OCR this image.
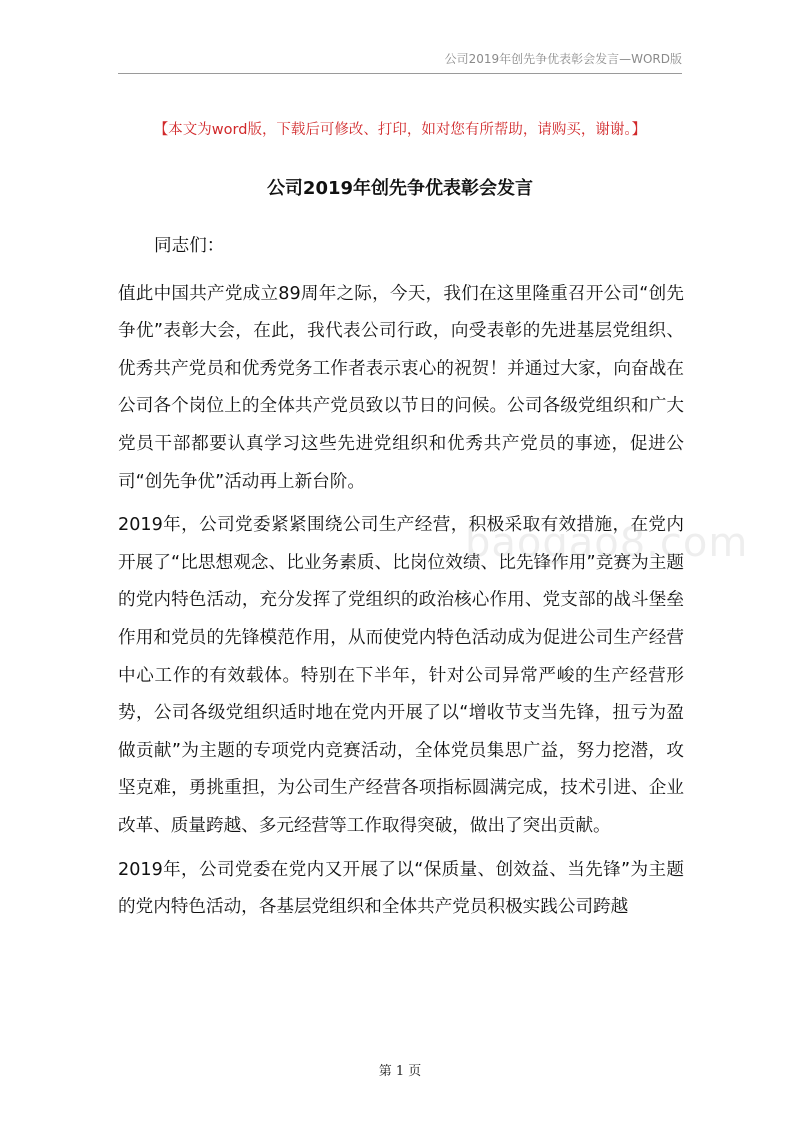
公司2019年创先争优表彰会发言—WORD版
【本文为word版，下载后可修改、打印，如对您有所帮助，请购买，谢谢。】
公司2019年创先争优表彰会发言

同志们：

值此中国共产党成立89周年之际，今天，我们在这里隆重召开公司“创先争优”表彰大会，在此，我代表公司行政，向受表彰的先进基层党组织、优秀共产党员和优秀党务工作者表示衷心的祝贺！并通过大家，向奋战在公司各个岗位上的全体共产党员致以节日的问候。公司各级党组织和广大党员干部都要认真学习这些先进党组织和优秀共产党员的事迹，促进公司“创先争优”活动再上新台阶。

2019年，公司党委紧紧围绕公司生产经营，积极采取有效措施，在党内开展了“比思想观念、比业务素质、比岗位效绩、比先锋作用”竞赛为主题的党内特色活动，充分发挥了党组织的政治核心作用、党支部的战斗堡垒作用和党员的先锋模范作用，从而使党内特色活动成为促进公司生产经营中心工作的有效载体。特别在下半年，针对公司异常严峻的生产经营形势，公司各级党组织适时地在党内开展了以“增收节支当先锋，扭亏为盈做贡献”为主题的专项党内竞赛活动，全体党员集思广益，努力挖潜，攻坚克难，勇挑重担，为公司生产经营各项指标圆满完成，技术引进、企业改革、质量跨越、多元经营等工作取得突破，做出了突出贡献。

2019年，公司党委在党内又开展了以“保质量、创效益、当先锋”为主题的党内特色活动，各基层党组织和全体共产党员积极实践公司跨越

baogao8.com
第 1 页
